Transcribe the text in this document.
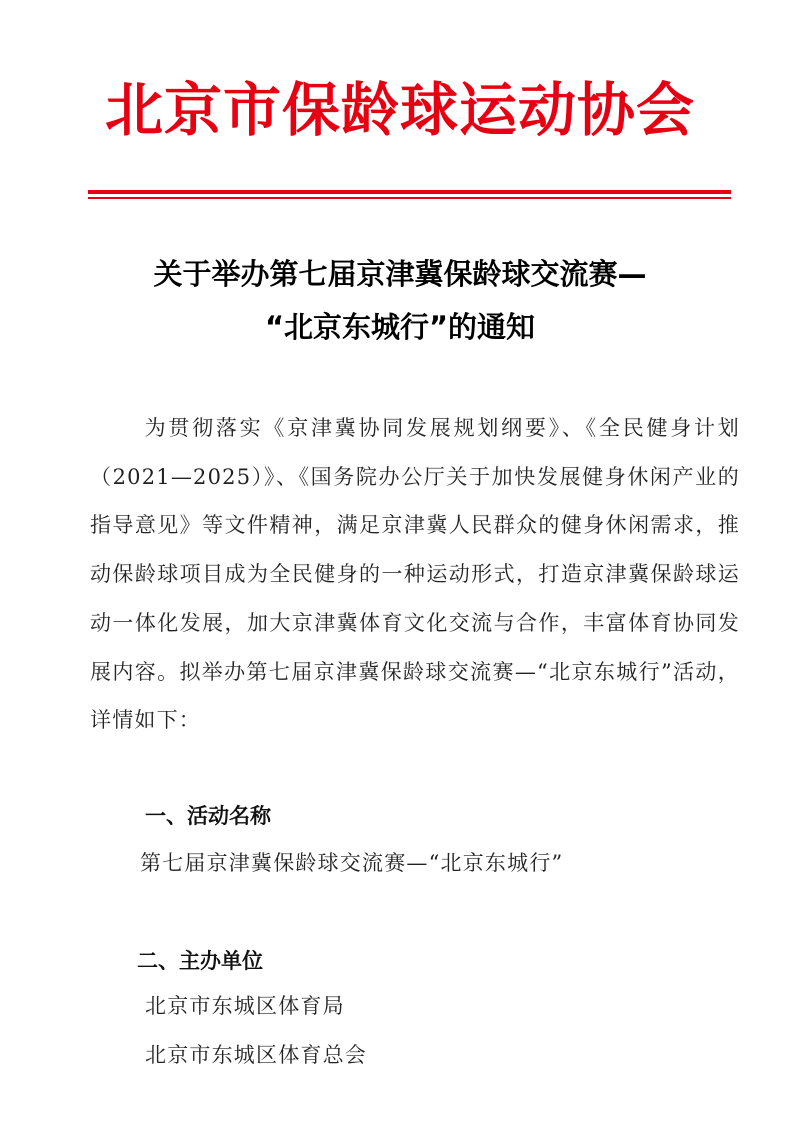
北京市保龄球运动协会
关于举办第七届京津冀保龄球交流赛—
“北京东城行”的通知
为贯彻落实《京津冀协同发展规划纲要》、《全民健身计划（2021—2025）》、《国务院办公厅关于加快发展健身休闲产业的指导意见》等文件精神，满足京津冀人民群众的健身休闲需求，推动保龄球项目成为全民健身的一种运动形式，打造京津冀保龄球运动一体化发展，加大京津冀体育文化交流与合作，丰富体育协同发展内容。拟举办第七届京津冀保龄球交流赛—“北京东城行”活动，详情如下：
一、活动名称
第七届京津冀保龄球交流赛—“北京东城行”
二、主办单位
北京市东城区体育局
北京市东城区体育总会
